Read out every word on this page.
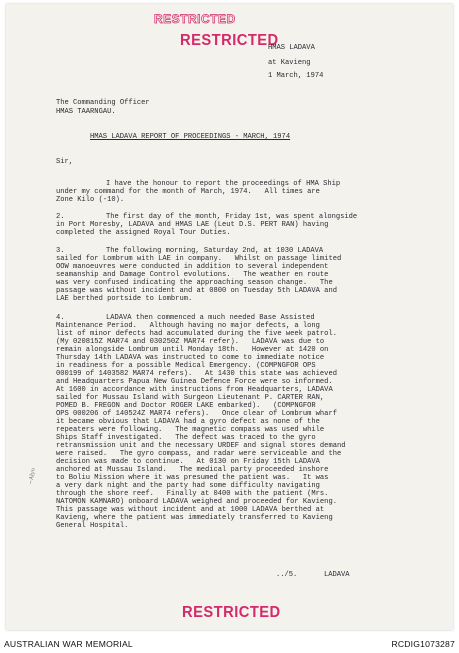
RESTRICTED
RESTRICTED
HMAS LADAVA
at Kavieng
1 March, 1974
The Commanding Officer
HMAS TAARNGAU.
HMAS LADAVA REPORT OF PROCEEDINGS - MARCH, 1974
Sir,
I have the honour to report the proceedings of HMA Ship
under my command for the month of March, 1974.   All times are
Zone Kilo (-10).
2.	The first day of the month, Friday 1st, was spent alongside
in Port Moresby, LADAVA and HMAS LAE (Leut D.S. PERT RAN) having
completed the assigned Royal Tour Duties.
3.	The following morning, Saturday 2nd, at 1030 LADAVA
sailed for Lombrum with LAE in company.   Whilst on passage limited
OOW manoeuvres were conducted in addition to several independent
seamanship and Damage Control evolutions.   The weather en route
was very confused indicating the approaching season change.   The
passage was without incident and at 0800 on Tuesday 5th LADAVA and
LAE berthed portside to Lombrum.
4.	LADAVA then commenced a much needed Base Assisted
Maintenance Period.   Although having no major defects, a long
list of minor defects had accumulated during the five week patrol.
(My 020815Z MAR74 and 030250Z MAR74 refer).   LADAVA was due to
remain alongside Lombrum until Monday 18th.   However at 1420 on
Thursday 14th LADAVA was instructed to come to immediate notice
in readiness for a possible Medical Emergency. (COMPNGFOR OPS
000199 of 1403582 MAR74 refers).   At 1430 this state was achieved
and Headquarters Papua New Guinea Defence Force were so informed.
At 1600 in accordance with instructions from Headquarters, LADAVA
sailed for Mussau Island with Surgeon Lieutenant P. CARTER RAN,
POMED B. FREGON and Doctor ROGER LAKE embarked).   (COMPNGFOR
OPS 000206 of 140524Z MAR74 refers).   Once clear of Lombrum wharf
it became obvious that LADAVA had a gyro defect as none of the
repeaters were following.   The magnetic compass was used while
Ships Staff investigated.   The defect was traced to the gyro
retransmission unit and the necessary URDEF and signal stores demand
were raised.   The gyro compass, and radar were serviceable and the
decision was made to continue.   At 0130 on Friday 15th LADAVA
anchored at Mussau Island.   The medical party proceeded inshore
to Boliu Mission where it was presumed the patient was.   It was
a very dark night and the party had some difficulty navigating
through the shore reef.   Finally at 0400 with the patient (Mrs.
NATOMON KAMNARO) onboard LADAVA weighed and proceeded for Kavieng.
This passage was without incident and at 1000 LADAVA berthed at
Kavieng, where the patient was immediately transferred to Kavieng
General Hospital.
~Alyo
../5.	LADAVA
RESTRICTED
AUSTRALIAN WAR MEMORIAL	RCDIG1073287
